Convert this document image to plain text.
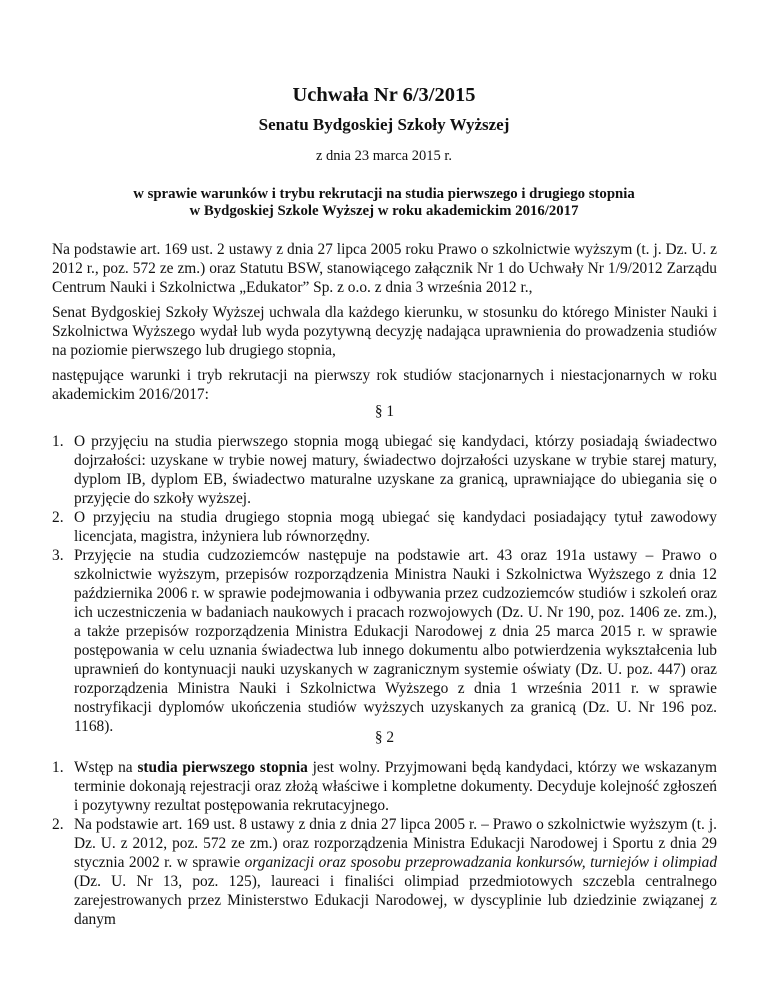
Uchwała Nr 6/3/2015
Senatu Bydgoskiej Szkoły Wyższej
z dnia 23 marca 2015 r.
w sprawie warunków i trybu rekrutacji na studia pierwszego i drugiego stopnia
w Bydgoskiej Szkole Wyższej w roku akademickim 2016/2017

Na podstawie art. 169 ust. 2 ustawy z dnia 27 lipca 2005 roku Prawo o szkolnictwie wyższym (t. j. Dz. U. z 2012 r., poz. 572 ze zm.) oraz Statutu BSW, stanowiącego załącznik Nr 1 do Uchwały Nr 1/9/2012 Zarządu Centrum Nauki i Szkolnictwa „Edukator” Sp. z o.o. z dnia 3 września 2012 r.,

Senat Bydgoskiej Szkoły Wyższej uchwala dla każdego kierunku, w stosunku do którego Minister Nauki i Szkolnictwa Wyższego wydał lub wyda pozytywną decyzję nadająca uprawnienia do prowadzenia studiów na poziomie pierwszego lub drugiego stopnia,

następujące warunki i tryb rekrutacji na pierwszy rok studiów stacjonarnych i niestacjonarnych w roku akademickim 2016/2017:

§ 1

1. O przyjęciu na studia pierwszego stopnia mogą ubiegać się kandydaci, którzy posiadają świadectwo dojrzałości: uzyskane w trybie nowej matury, świadectwo dojrzałości uzyskane w trybie starej matury, dyplom IB, dyplom EB, świadectwo maturalne uzyskane za granicą, uprawniające do ubiegania się o przyjęcie do szkoły wyższej.
2. O przyjęciu na studia drugiego stopnia mogą ubiegać się kandydaci posiadający tytuł zawodowy licencjata, magistra, inżyniera lub równorzędny.
3. Przyjęcie na studia cudzoziemców następuje na podstawie art. 43 oraz 191a ustawy – Prawo o szkolnictwie wyższym, przepisów rozporządzenia Ministra Nauki i Szkolnictwa Wyższego z dnia 12 października 2006 r. w sprawie podejmowania i odbywania przez cudzoziemców studiów i szkoleń oraz ich uczestniczenia w badaniach naukowych i pracach rozwojowych (Dz. U. Nr 190, poz. 1406 ze. zm.), a także przepisów rozporządzenia Ministra Edukacji Narodowej z dnia 25 marca 2015 r. w sprawie postępowania w celu uznania świadectwa lub innego dokumentu albo potwierdzenia wykształcenia lub uprawnień do kontynuacji nauki uzyskanych w zagranicznym systemie oświaty (Dz. U. poz. 447) oraz rozporządzenia Ministra Nauki i Szkolnictwa Wyższego z dnia 1 września 2011 r. w sprawie nostryfikacji dyplomów ukończenia studiów wyższych uzyskanych za granicą (Dz. U. Nr 196 poz. 1168).

§ 2

1. Wstęp na studia pierwszego stopnia jest wolny. Przyjmowani będą kandydaci, którzy we wskazanym terminie dokonają rejestracji oraz złożą właściwe i kompletne dokumenty. Decyduje kolejność zgłoszeń i pozytywny rezultat postępowania rekrutacyjnego.
2. Na podstawie art. 169 ust. 8 ustawy z dnia z dnia 27 lipca 2005 r. – Prawo o szkolnictwie wyższym (t. j. Dz. U. z 2012, poz. 572 ze zm.) oraz rozporządzenia Ministra Edukacji Narodowej i Sportu z dnia 29 stycznia 2002 r. w sprawie organizacji oraz sposobu przeprowadzania konkursów, turniejów i olimpiad (Dz. U. Nr 13, poz. 125), laureaci i finaliści olimpiad przedmiotowych szczebla centralnego zarejestrowanych przez Ministerstwo Edukacji Narodowej, w dyscyplinie lub dziedzinie związanej z danym
